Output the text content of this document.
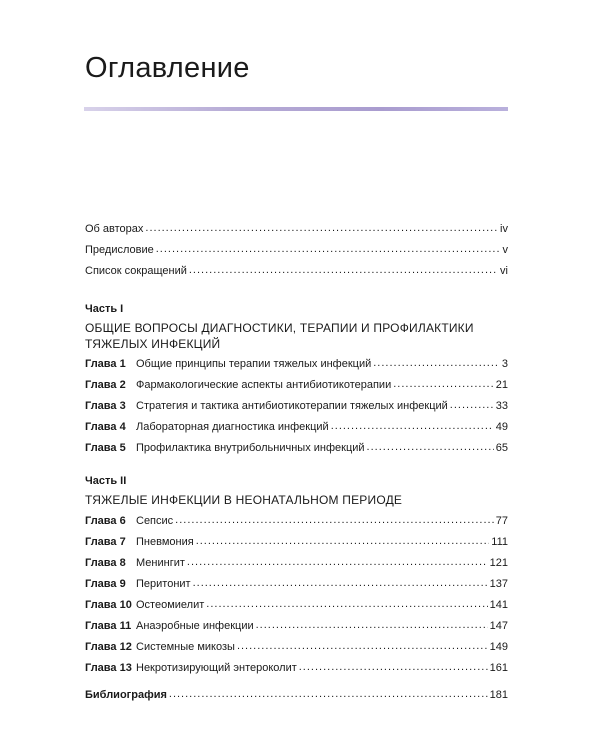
Оглавление
Об авторах .....	iv
Предисловие .....	v
Список сокращений .....	vi
Часть I
ОБЩИЕ ВОПРОСЫ ДИАГНОСТИКИ, ТЕРАПИИ И ПРОФИЛАКТИКИ ТЯЖЕЛЫХ ИНФЕКЦИЙ
Глава 1 Общие принципы терапии тяжелых инфекций .....	3
Глава 2 Фармакологические аспекты антибиотикотерапии .....	21
Глава 3 Стратегия и тактика антибиотикотерапии тяжелых инфекций .....	33
Глава 4 Лабораторная диагностика инфекций .....	49
Глава 5 Профилактика внутрибольничных инфекций .....	65
Часть II
ТЯЖЕЛЫЕ ИНФЕКЦИИ В НЕОНАТАЛЬНОМ ПЕРИОДЕ
Глава 6 Сепсис .....	77
Глава 7 Пневмония .....	111
Глава 8 Менингит .....	121
Глава 9 Перитонит .....	137
Глава 10 Остеомиелит .....	141
Глава 11 Анаэробные инфекции .....	147
Глава 12 Системные микозы .....	149
Глава 13 Некротизирующий энтероколит .....	161
Библиография .....	181
